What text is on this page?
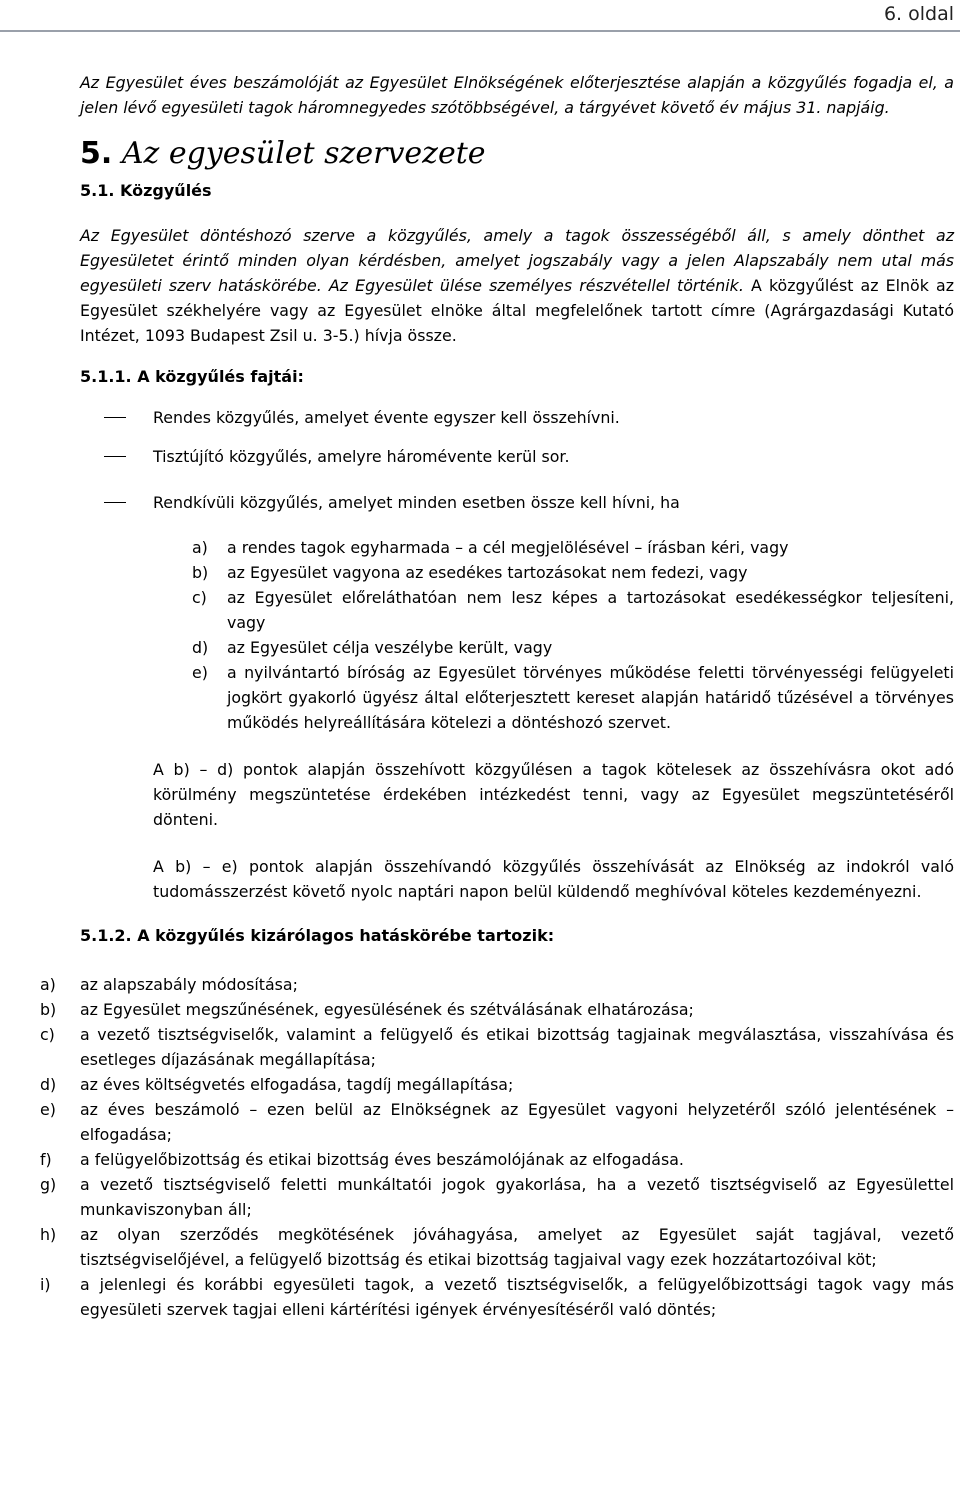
6. oldal

Az Egyesület éves beszámolóját az Egyesület Elnökségének előterjesztése alapján a közgyűlés fogadja el, a jelen lévő egyesületi tagok háromnegyedes szótöbbségével, a tárgyévet követő év május 31. napjáig.

5. Az egyesület szervezete
5.1. Közgyűlés

Az Egyesület döntéshozó szerve a közgyűlés, amely a tagok összességéből áll, s amely dönthet az Egyesületet érintő minden olyan kérdésben, amelyet jogszabály vagy a jelen Alapszabály nem utal más egyesületi szerv hatáskörébe. Az Egyesület ülése személyes részvétellel történik. A közgyűlést az Elnök az Egyesület székhelyére vagy az Egyesület elnöke által megfelelőnek tartott címre (Agrárgazdasági Kutató Intézet, 1093 Budapest Zsil u. 3-5.) hívja össze.

5.1.1. A közgyűlés fajtái:
Rendes közgyűlés, amelyet évente egyszer kell összehívni.
Tisztújító közgyűlés, amelyre háromévente kerül sor.
Rendkívüli közgyűlés, amelyet minden esetben össze kell hívni, ha
a) a rendes tagok egyharmada – a cél megjelölésével – írásban kéri, vagy
b) az Egyesület vagyona az esedékes tartozásokat nem fedezi, vagy
c) az Egyesület előreláthatóan nem lesz képes a tartozásokat esedékességkor teljesíteni, vagy
d) az Egyesület célja veszélybe került, vagy
e) a nyilvántartó bíróság az Egyesület törvényes működése feletti törvényességi felügyeleti jogkört gyakorló ügyész által előterjesztett kereset alapján határidő tűzésével a törvényes működés helyreállítására kötelezi a döntéshozó szervet.

A b) – d) pontok alapján összehívott közgyűlésen a tagok kötelesek az összehívásra okot adó körülmény megszüntetése érdekében intézkedést tenni, vagy az Egyesület megszüntetéséről dönteni.

A b) – e) pontok alapján összehívandó közgyűlés összehívását az Elnökség az indokról való tudomásszerzést követő nyolc naptári napon belül küldendő meghívóval köteles kezdeményezni.

5.1.2. A közgyűlés kizárólagos hatáskörébe tartozik:
a) az alapszabály módosítása;
b) az Egyesület megszűnésének, egyesülésének és szétválásának elhatározása;
c) a vezető tisztségviselők, valamint a felügyelő és etikai bizottság tagjainak megválasztása, visszahívása és esetleges díjazásának megállapítása;
d) az éves költségvetés elfogadása, tagdíj megállapítása;
e) az éves beszámoló – ezen belül az Elnökségnek az Egyesület vagyoni helyzetéről szóló jelentésének – elfogadása;
f) a felügyelőbizottság és etikai bizottság éves beszámolójának az elfogadása.
g) a vezető tisztségviselő feletti munkáltatói jogok gyakorlása, ha a vezető tisztségviselő az Egyesülettel munkaviszonyban áll;
h) az olyan szerződés megkötésének jóváhagyása, amelyet az Egyesület saját tagjával, vezető tisztségviselőjével, a felügyelő bizottság és etikai bizottság tagjaival vagy ezek hozzátartozóival köt;
i) a jelenlegi és korábbi egyesületi tagok, a vezető tisztségviselők, a felügyelőbizottsági tagok vagy más egyesületi szervek tagjai elleni kártérítési igények érvényesítéséről való döntés;
